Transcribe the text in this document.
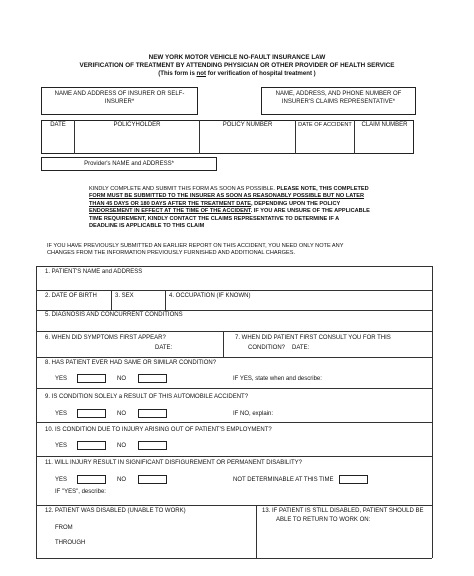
NEW YORK MOTOR VEHICLE NO-FAULT INSURANCE LAW
VERIFICATION OF TREATMENT BY ATTENDING PHYSICIAN OR OTHER PROVIDER OF HEALTH SERVICE
(This form is not for verification of hospital treatment )
NAME AND ADDRESS OF INSURER OR SELF-
INSURER*
NAME, ADDRESS, AND PHONE NUMBER OF
INSURER'S CLAIMS REPRESENTATIVE*
DATE	POLICYHOLDER	POLICY NUMBER	DATE OF ACCIDENT	CLAIM NUMBER
Provider's NAME and ADDRESS*
KINDLY COMPLETE AND SUBMIT THIS FORM AS SOON AS POSSIBLE. PLEASE NOTE, THIS COMPLETED
FORM MUST BE SUBMITTED TO THE INSURER AS SOON AS REASONABLY POSSIBLE BUT NO LATER
THAN 45 DAYS OR 180 DAYS AFTER THE TREATMENT DATE, DEPENDING UPON THE POLICY
ENDORSEMENT IN EFFECT AT THE TIME OF THE ACCIDENT. IF YOU ARE UNSURE OF THE APPLICABLE
TIME REQUIREMENT, KINDLY CONTACT THE CLAIMS REPRESENTATIVE TO DETERMINE IF A
DEADLINE IS APPLICABLE TO THIS CLAIM
IF YOU HAVE PREVIOUSLY SUBMITTED AN EARLIER REPORT ON THIS ACCIDENT, YOU NEED ONLY NOTE ANY
CHANGES FROM THE INFORMATION PREVIOUSLY FURNISHED AND ADDITIONAL CHARGES.
1. PATIENT'S NAME and ADDRESS
2. DATE OF BIRTH	3. SEX	4. OCCUPATION (IF KNOWN)
5. DIAGNOSIS AND CONCURRENT CONDITIONS
6. WHEN DID SYMPTOMS FIRST APPEAR?
DATE:
7. WHEN DID PATIENT FIRST CONSULT YOU FOR THIS
CONDITION? DATE:
8. HAS PATIENT EVER HAD SAME OR SIMILAR CONDITION?
YES	NO	IF YES, state when and describe:
9. IS CONDITION SOLELY a RESULT OF THIS AUTOMOBILE ACCIDENT?
YES	NO	IF NO, explain:
10. IS CONDITION DUE TO INJURY ARISING OUT OF PATIENT'S EMPLOYMENT?
YES	NO
11. WILL INJURY RESULT IN SIGNIFICANT DISFIGUREMENT OR PERMANENT DISABILITY?
YES	NO	NOT DETERMINABLE AT THIS TIME
IF "YES", describe:
12. PATIENT WAS DISABLED (UNABLE TO WORK)
FROM
THROUGH
13. IF PATIENT IS STILL DISABLED, PATIENT SHOULD BE
ABLE TO RETURN TO WORK ON:
